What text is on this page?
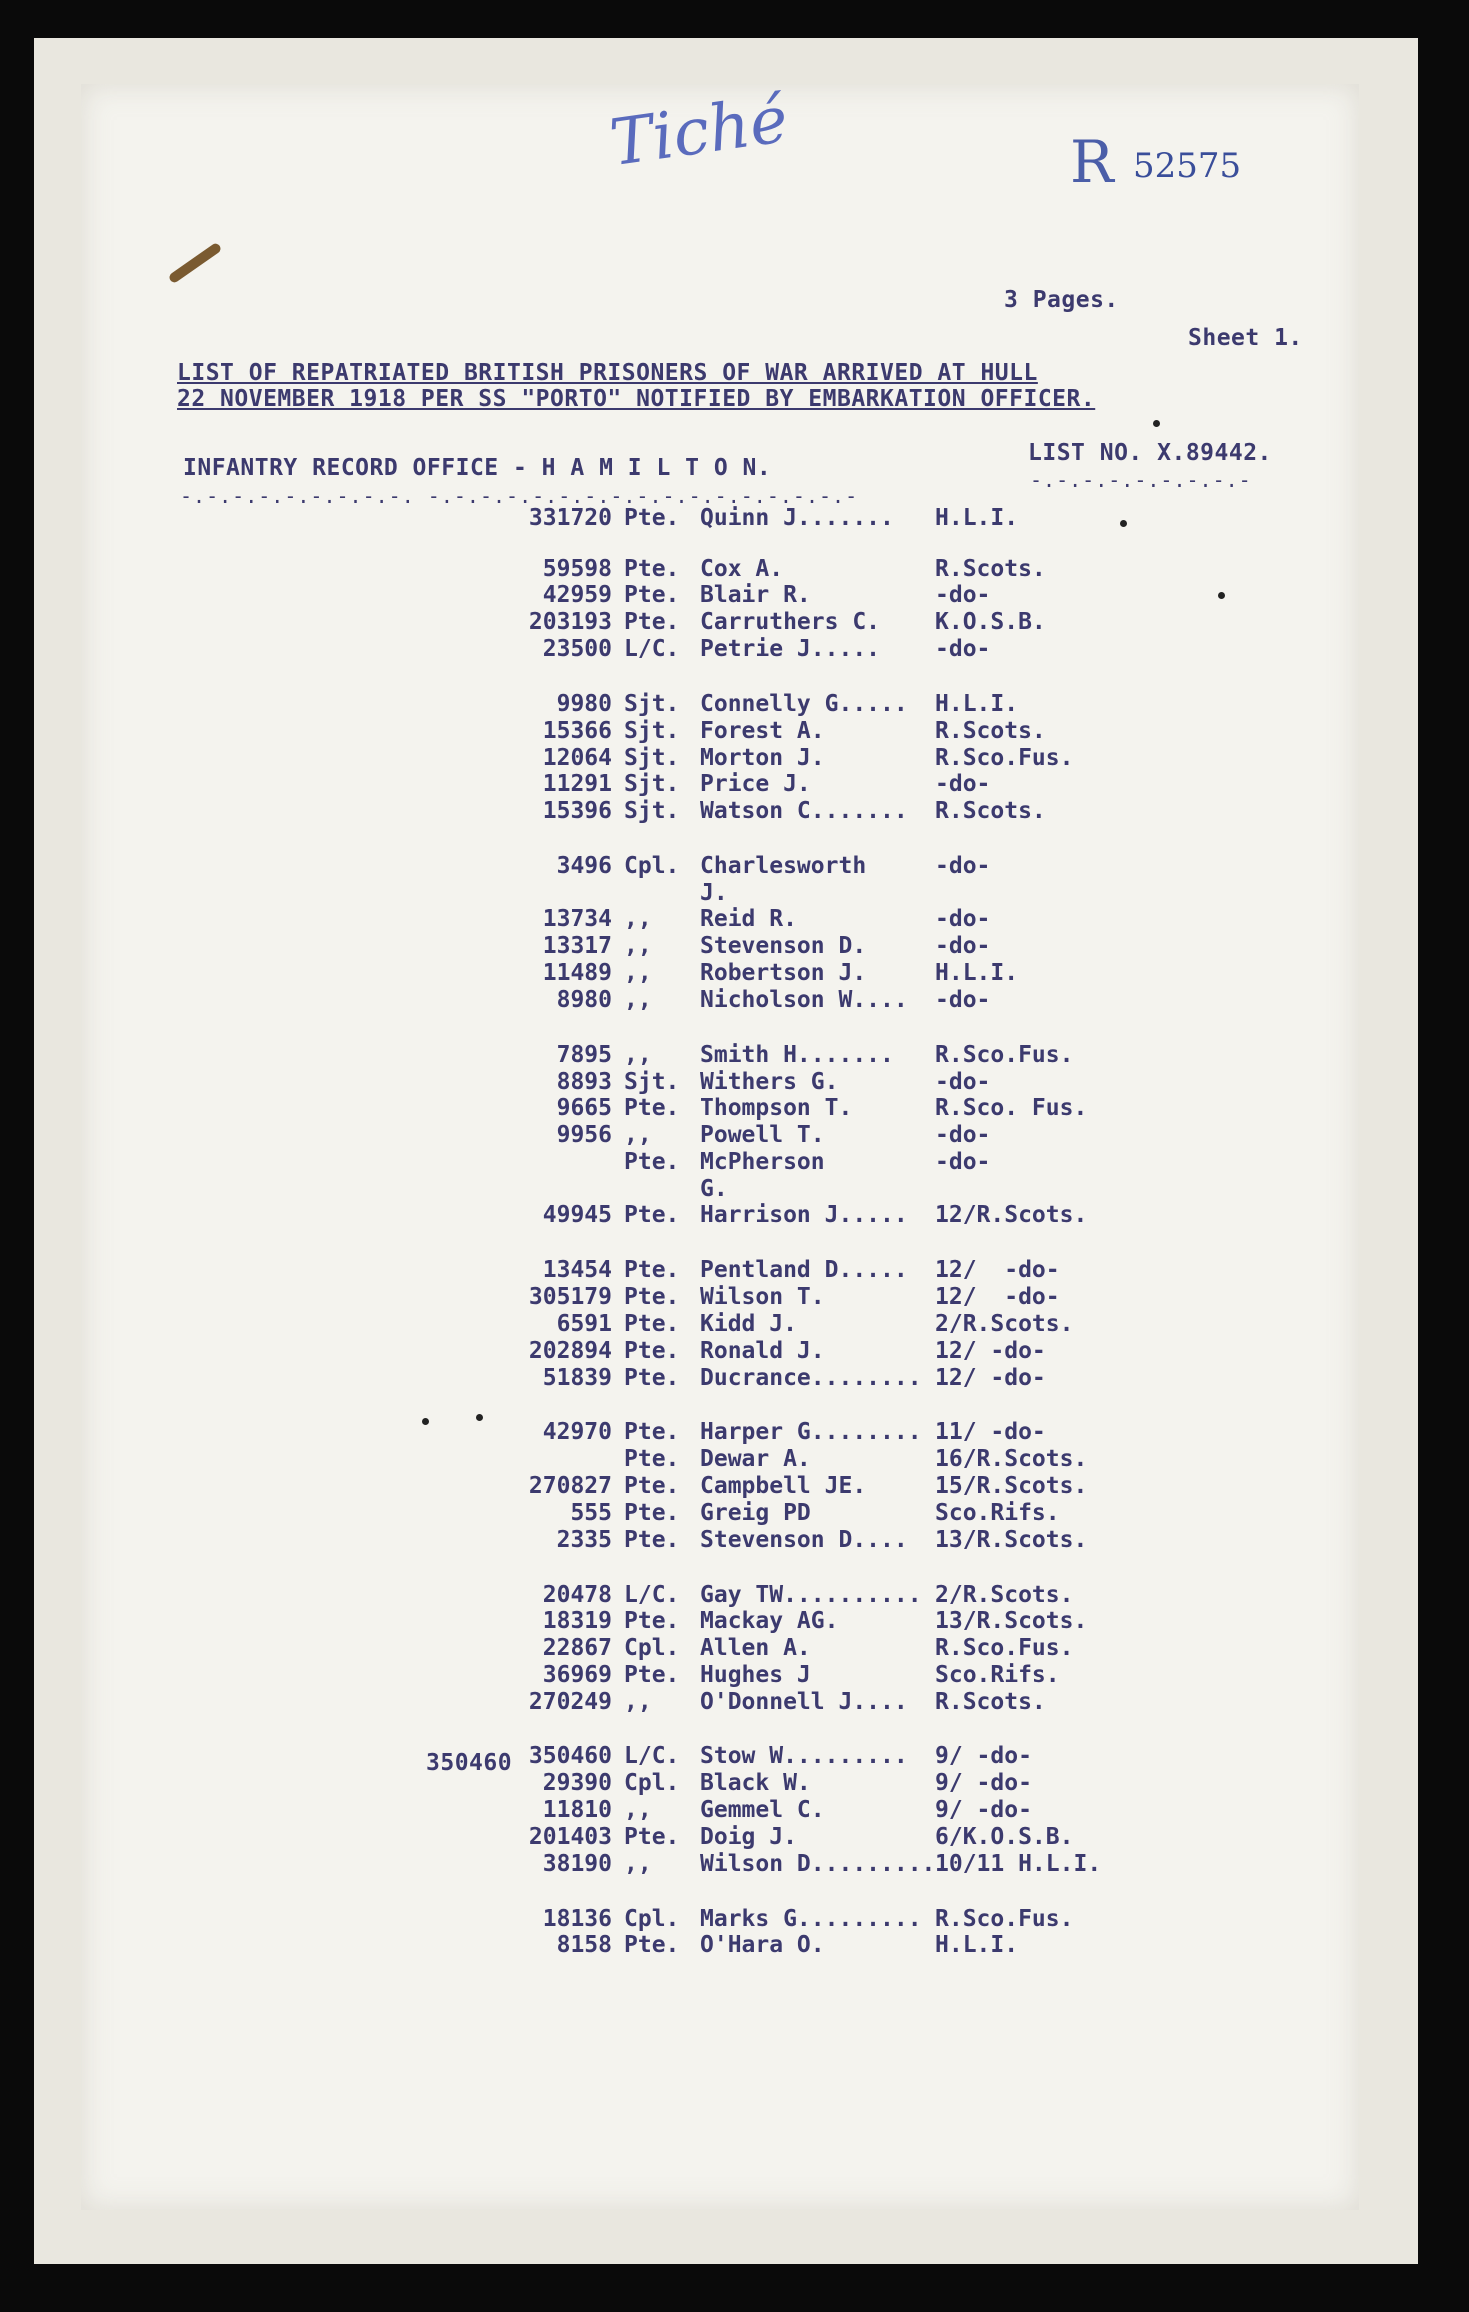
Tiché	R 52575
3 Pages.
Sheet 1.
LIST OF REPATRIATED BRITISH PRISONERS OF WAR ARRIVED AT HULL
22 NOVEMBER 1918 PER SS "PORTO" NOTIFIED BY EMBARKATION OFFICER.
INFANTRY RECORD OFFICE - H A M I L T O N.
LIST NO. X.89442.
-.-.-.-.-.-.-.-.-. -.-.-.-.-.-.-.-.-.-.-.-.-.-.-.-.-
-.-.-.-.-.-.-.-.-
350460
331720 Pte. Quinn J....... H.L.I.
59598 Pte. Cox A.	R.Scots.
42959 Pte. Blair R.	-do-
203193 Pte. Carruthers C. K.O.S.B.
23500 L/C. Petrie J..... -do-
9980 Sjt. Connelly G..... H.L.I.
15366 Sjt. Forest A.	R.Scots.
12064 Sjt. Morton J.	R.Sco.Fus.
11291 Sjt. Price J.	-do-
15396 Sjt. Watson C....... R.Scots.
3496 Cpl. Charlesworth	-do-
J.
13734 ,, Reid R.	-do-
13317 ,, Stevenson D.	-do-
11489 ,, Robertson J.	H.L.I.
8980 ,, Nicholson W.... -do-
7895 ,, Smith H....... R.Sco.Fus.
8893 Sjt. Withers G.	-do-
9665 Pte. Thompson T.	R.Sco. Fus.
9956 ,, Powell T.	-do-
Pte. McPherson	-do-
G.
49945 Pte. Harrison J..... 12/R.Scots.
13454 Pte. Pentland D..... 12/  -do-
305179 Pte. Wilson T.	12/  -do-
6591 Pte. Kidd J.	2/R.Scots.
202894 Pte. Ronald J.	12/ -do-
51839 Pte. Ducrance........ 12/ -do-
42970 Pte. Harper G........ 11/ -do-
Pte. Dewar A.	16/R.Scots.
270827 Pte. Campbell JE.	15/R.Scots.
555 Pte. Greig PD	Sco.Rifs.
2335 Pte. Stevenson D.... 13/R.Scots.
20478 L/C. Gay TW.......... 2/R.Scots.
18319 Pte. Mackay AG.	13/R.Scots.
22867 Cpl. Allen A.	R.Sco.Fus.
36969 Pte. Hughes J	Sco.Rifs.
270249 ,, O'Donnell J.... R.Scots.
350460 L/C. Stow W......... 9/ -do-
29390 Cpl. Black W.	9/ -do-
11810 ,, Gemmel C.	9/ -do-
201403 Pte. Doig J.	6/K.O.S.B.
38190 ,, Wilson D......... 10/11 H.L.I.
18136 Cpl. Marks G......... R.Sco.Fus.
8158 Pte. O'Hara O.	H.L.I.
